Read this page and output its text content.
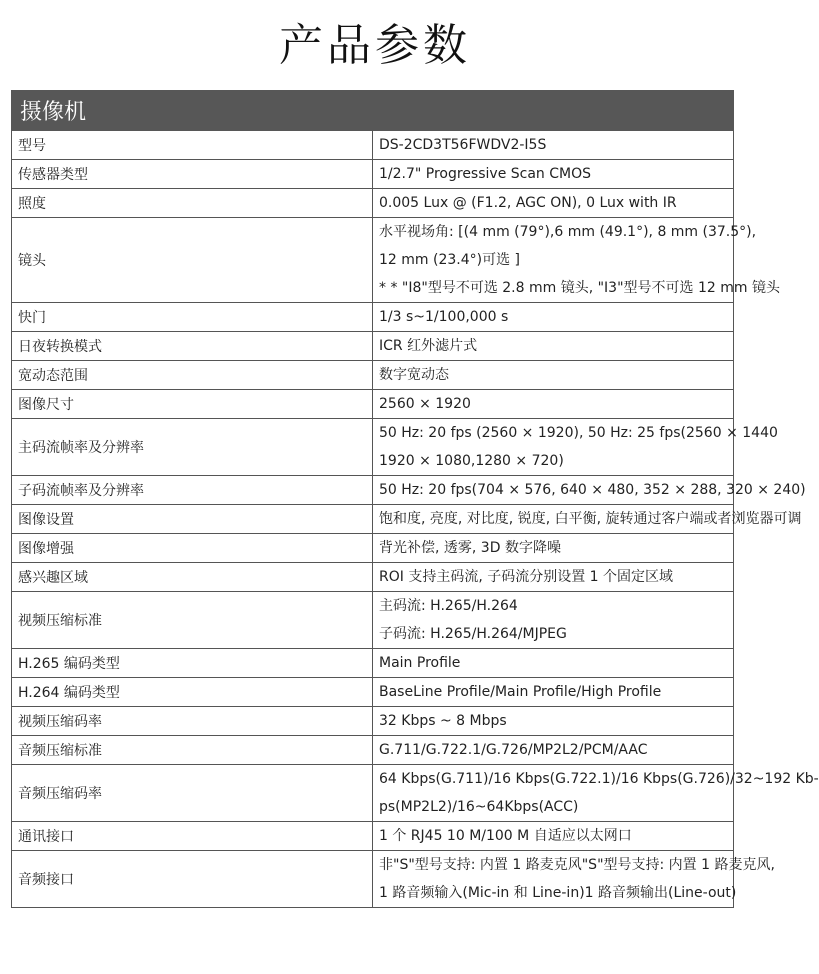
产品参数
摄像机	
型号	DS-2CD3T56FWDV2-I5S

传感器类型	1/2.7" Progressive Scan CMOS

照度	0.005 Lux @ (F1.2, AGC ON), 0 Lux with IR

镜头	水平视场角: [(4 mm (79°),6 mm (49.1°), 8 mm (37.5°),
12 mm (23.4°)可选 ]
* * "I8"型号不可选 2.8 mm 镜头, "I3"型号不可选 12 mm 镜头

快门	1/3 s~1/100,000 s

日夜转换模式	ICR 红外滤片式

宽动态范围	数字宽动态

图像尺寸	2560 × 1920

主码流帧率及分辨率	50 Hz: 20 fps (2560 × 1920), 50 Hz: 25 fps(2560 × 1440
1920 × 1080,1280 × 720)

子码流帧率及分辨率	50 Hz: 20 fps(704 × 576, 640 × 480, 352 × 288, 320 × 240)

图像设置	饱和度, 亮度, 对比度, 锐度, 白平衡, 旋转通过客户端或者浏览器可调

图像增强	背光补偿, 透雾, 3D 数字降噪

感兴趣区域	ROI 支持主码流, 子码流分别设置 1 个固定区域

视频压缩标准	主码流: H.265/H.264
子码流: H.265/H.264/MJPEG

H.265 编码类型	Main Profile

H.264 编码类型	BaseLine Profile/Main Profile/High Profile

视频压缩码率	32 Kbps ~ 8 Mbps

音频压缩标准	G.711/G.722.1/G.726/MP2L2/PCM/AAC

音频压缩码率	64 Kbps(G.711)/16 Kbps(G.722.1)/16 Kbps(G.726)/32~192 Kb-
ps(MP2L2)/16~64Kbps(ACC)

通讯接口	1 个 RJ45 10 M/100 M 自适应以太网口

音频接口	非"S"型号支持: 内置 1 路麦克风"S"型号支持: 内置 1 路麦克风,
1 路音频输入(Mic-in 和 Line-in)1 路音频输出(Line-out)
